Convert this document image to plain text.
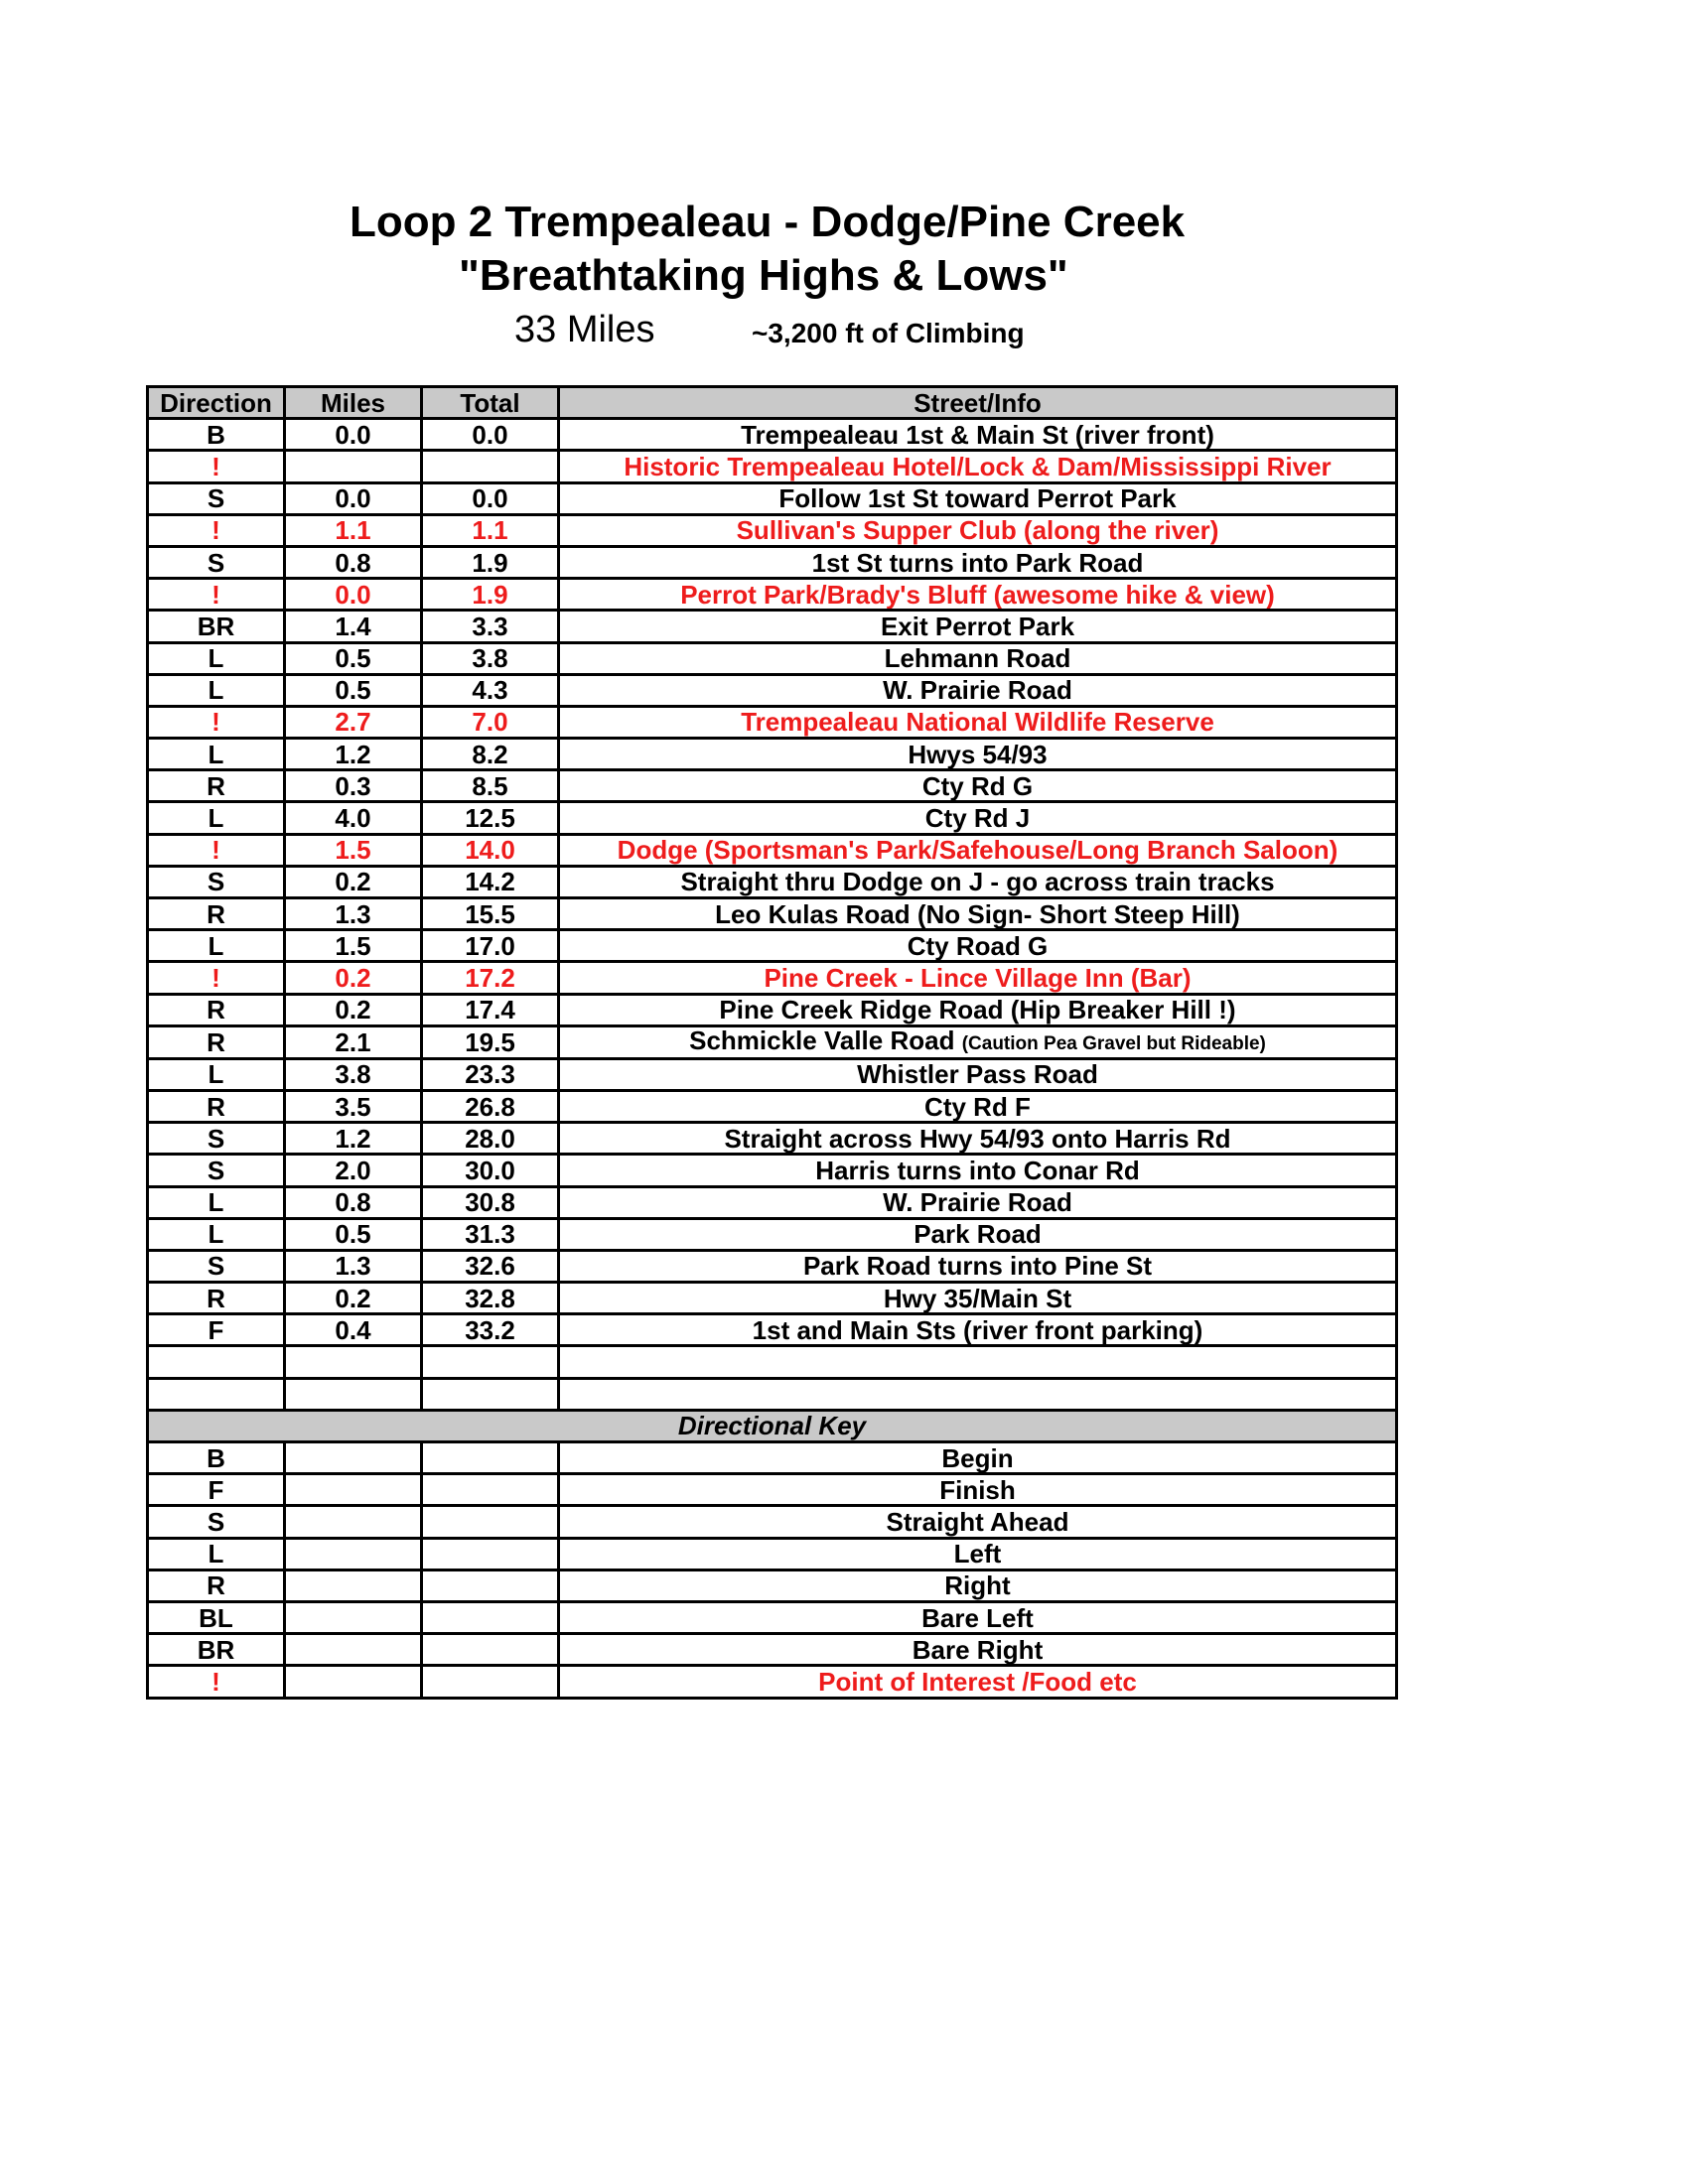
Loop 2 Trempealeau - Dodge/Pine Creek
"Breathtaking Highs & Lows"
33 Miles	~3,200 ft of Climbing
Direction	Miles	Total	Street/Info
B	0.0	0.0	Trempealeau 1st & Main St (river front)
!			Historic Trempealeau Hotel/Lock & Dam/Mississippi River
S	0.0	0.0	Follow 1st St toward Perrot Park
!	1.1	1.1	Sullivan's Supper Club (along the river)
S	0.8	1.9	1st St turns into Park Road
!	0.0	1.9	Perrot Park/Brady's Bluff (awesome hike & view)
BR	1.4	3.3	Exit Perrot Park
L	0.5	3.8	Lehmann Road
L	0.5	4.3	W. Prairie Road
!	2.7	7.0	Trempealeau National Wildlife Reserve
L	1.2	8.2	Hwys 54/93
R	0.3	8.5	Cty Rd G
L	4.0	12.5	Cty Rd J
!	1.5	14.0	Dodge (Sportsman's Park/Safehouse/Long Branch Saloon)
S	0.2	14.2	Straight thru Dodge on J - go across train tracks
R	1.3	15.5	Leo Kulas Road (No Sign- Short Steep Hill)
L	1.5	17.0	Cty Road G
!	0.2	17.2	Pine Creek - Lince Village Inn (Bar)
R	0.2	17.4	Pine Creek Ridge Road (Hip Breaker Hill !)
R	2.1	19.5	Schmickle Valle Road (Caution Pea Gravel but Rideable)
L	3.8	23.3	Whistler Pass Road
R	3.5	26.8	Cty Rd F
S	1.2	28.0	Straight across Hwy 54/93 onto Harris Rd
S	2.0	30.0	Harris turns into Conar Rd
L	0.8	30.8	W. Prairie Road
L	0.5	31.3	Park Road
S	1.3	32.6	Park Road turns into Pine St
R	0.2	32.8	Hwy 35/Main St
F	0.4	33.2	1st and Main Sts (river front parking)

Directional Key			
B			Begin
F			Finish
S			Straight Ahead
L			Left
R			Right
BL			Bare Left
BR			Bare Right
!			Point of Interest /Food etc
